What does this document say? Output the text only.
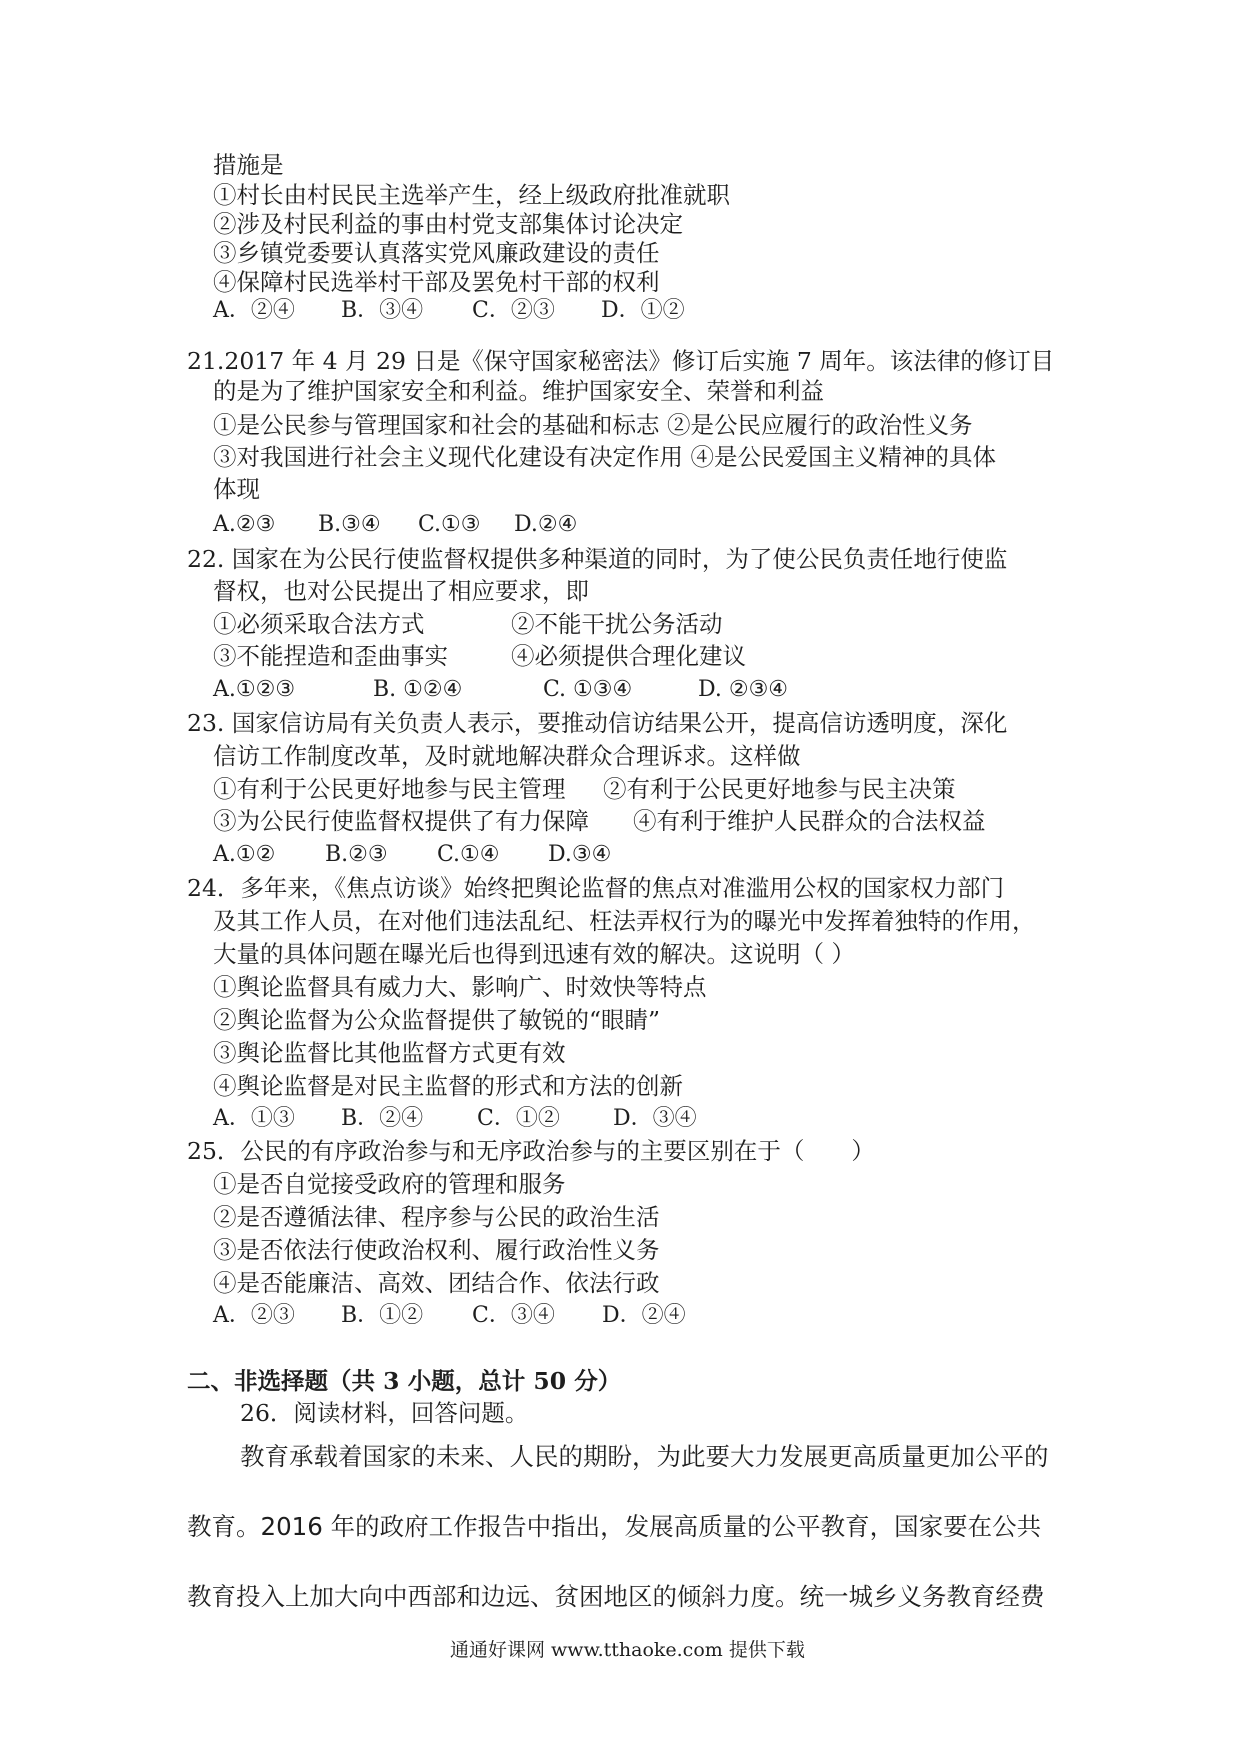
措施是
①村长由村民民主选举产生，经上级政府批准就职
②涉及村民利益的事由村党支部集体讨论决定
③乡镇党委要认真落实党风廉政建设的责任
④保障村民选举村干部及罢免村干部的权利
A．②④ B．③④ C．②③ D．①②
21.2017 年 4 月 29 日是《保守国家秘密法》修订后实施 7 周年。该法律的修订目
的是为了维护国家安全和利益。维护国家安全、荣誉和利益
①是公民参与管理国家和社会的基础和标志 ②是公民应履行的政治性义务
③对我国进行社会主义现代化建设有决定作用 ④是公民爱国主义精神的具体
体现
A.②③ B.③④ C.①③ D.②④
22. 国家在为公民行使监督权提供多种渠道的同时，为了使公民负责任地行使监
督权，也对公民提出了相应要求，即
①必须采取合法方式	②不能干扰公务活动
③不能捏造和歪曲事实	④必须提供合理化建议
A.①②③	B. ①②④	C. ①③④	D. ②③④
23. 国家信访局有关负责人表示，要推动信访结果公开，提高信访透明度，深化
信访工作制度改革，及时就地解决群众合理诉求。这样做
①有利于公民更好地参与民主管理 ②有利于公民更好地参与民主决策
③为公民行使监督权提供了有力保障 ④有利于维护人民群众的合法权益
A.①② B.②③ C.①④ D.③④
24．多年来，《焦点访谈》始终把舆论监督的焦点对准滥用公权的国家权力部门
及其工作人员，在对他们违法乱纪、枉法弄权行为的曝光中发挥着独特的作用，
大量的具体问题在曝光后也得到迅速有效的解决。这说明（ ）
①舆论监督具有威力大、影响广、时效快等特点
②舆论监督为公众监督提供了敏锐的“眼睛”
③舆论监督比其他监督方式更有效
④舆论监督是对民主监督的形式和方法的创新
A．①③ B．②④ C．①② D．③④
25．公民的有序政治参与和无序政治参与的主要区别在于（　　）
①是否自觉接受政府的管理和服务
②是否遵循法律、程序参与公民的政治生活
③是否依法行使政治权利、履行政治性义务
④是否能廉洁、高效、团结合作、依法行政
A．②③ B．①② C．③④ D．②④
二、非选择题（共 3 小题，总计 50 分）
26．阅读材料，回答问题。
教育承载着国家的未来、人民的期盼，为此要大力发展更高质量更加公平的
教育。2016 年的政府工作报告中指出，发展高质量的公平教育，国家要在公共
教育投入上加大向中西部和边远、贫困地区的倾斜力度。统一城乡义务教育经费
通通好课网 www.tthaoke.com 提供下载
